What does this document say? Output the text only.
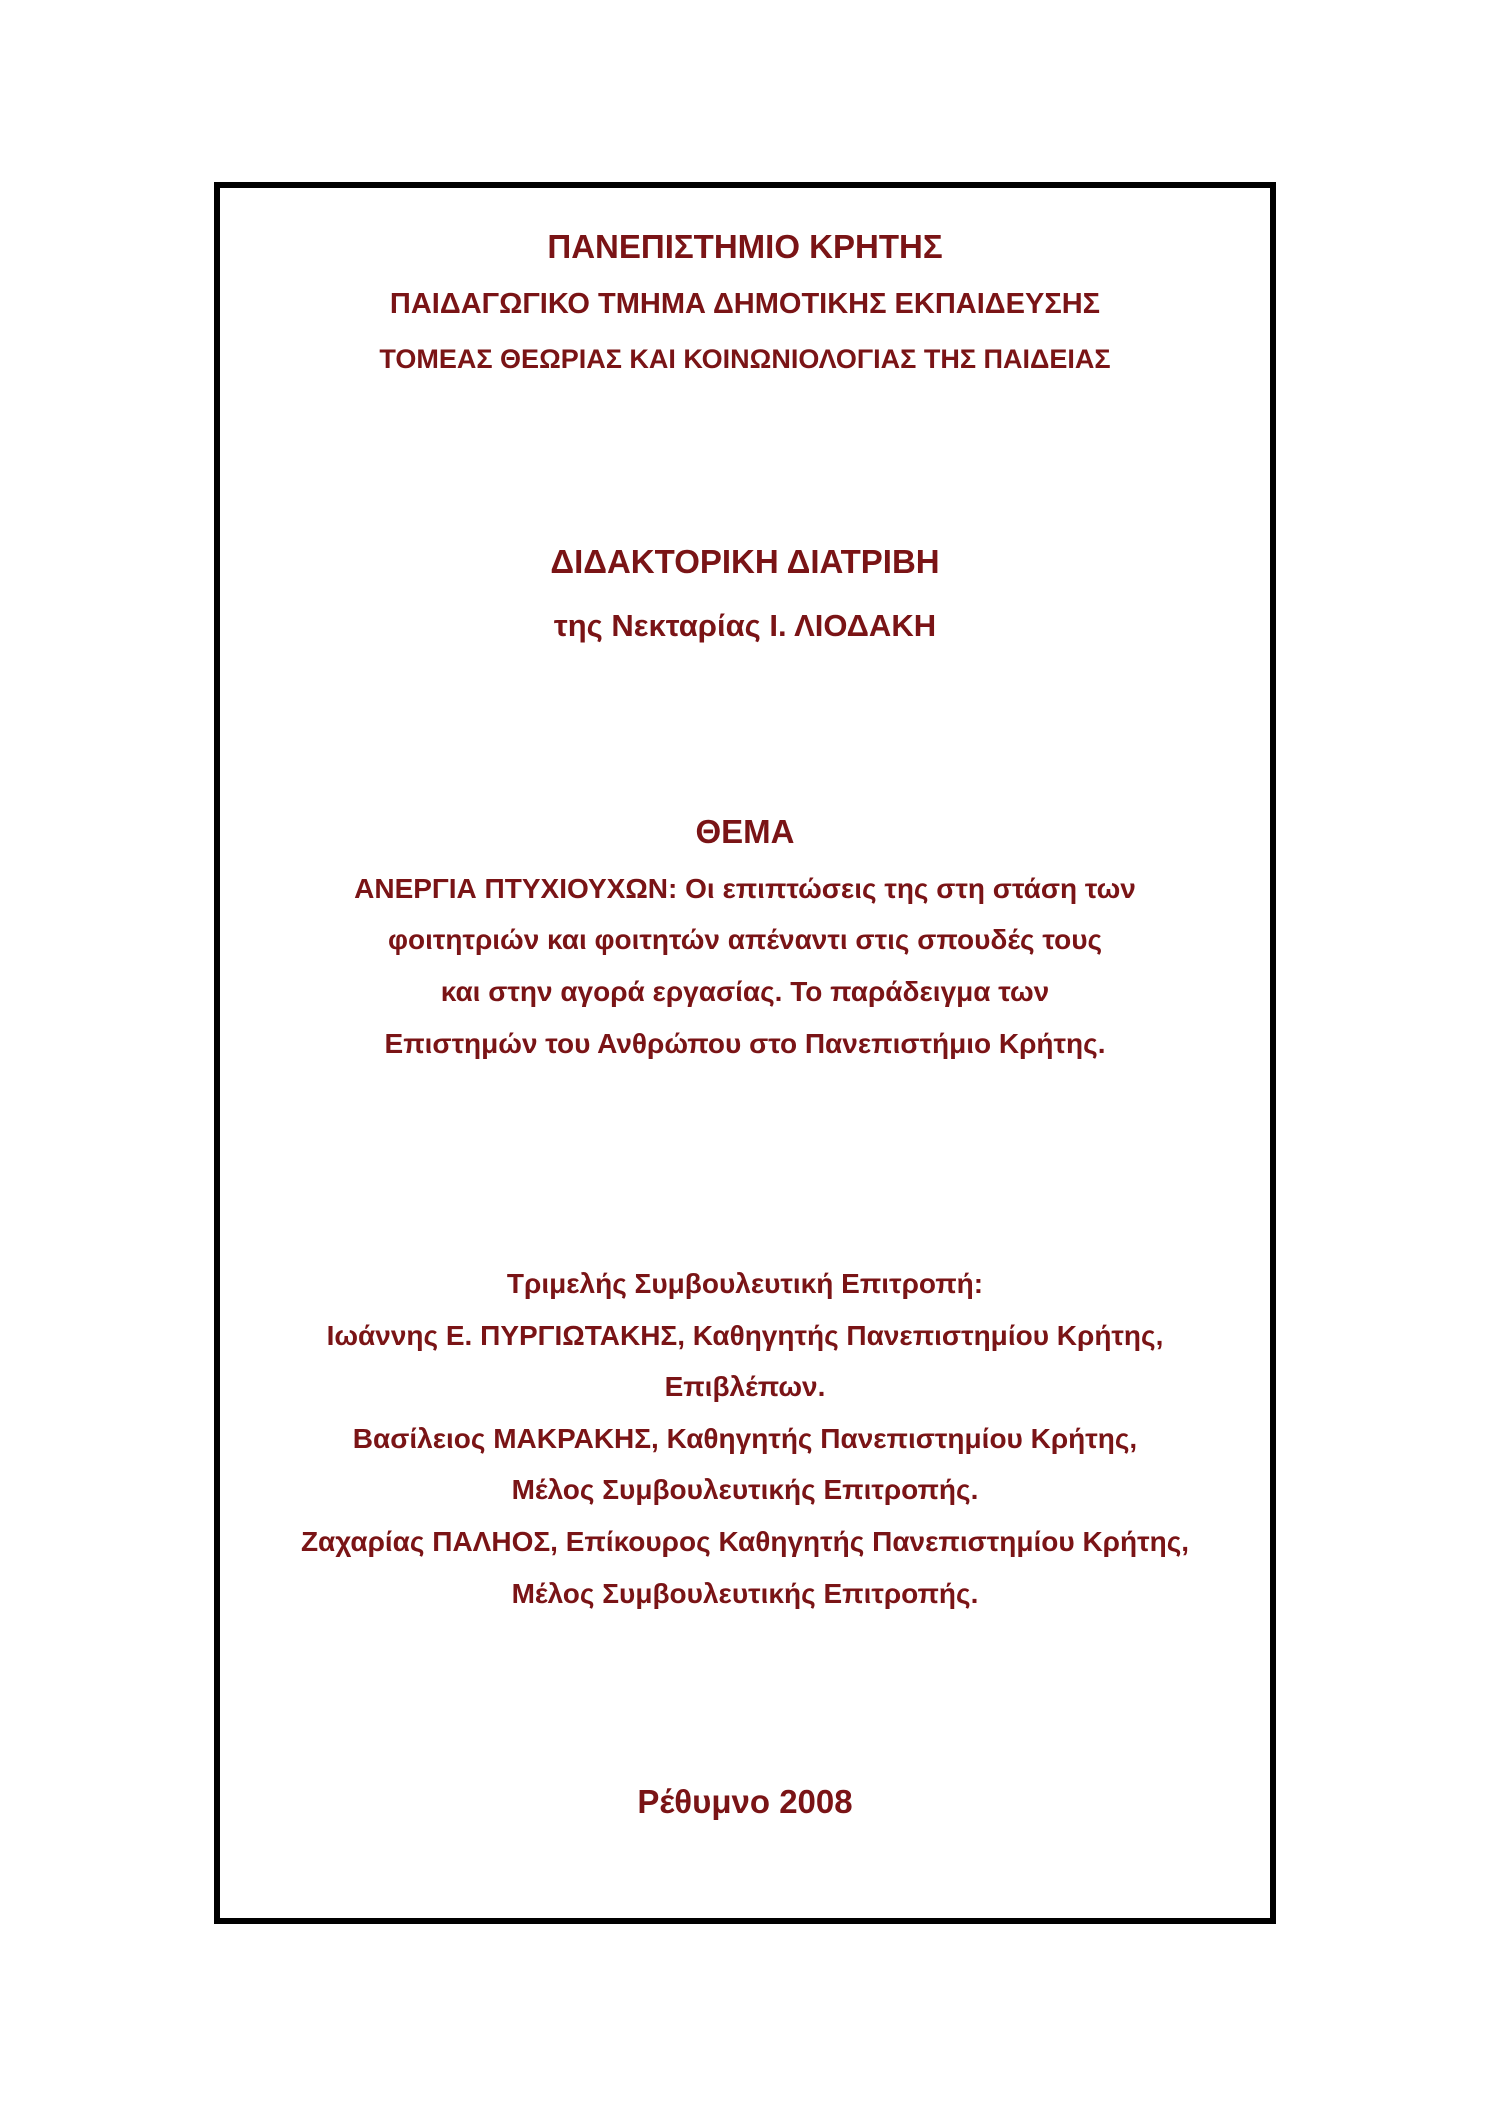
ΠΑΝΕΠΙΣΤΗΜΙΟ ΚΡΗΤΗΣ
ΠΑΙΔΑΓΩΓΙΚΟ ΤΜΗΜΑ ΔΗΜΟΤΙΚΗΣ ΕΚΠΑΙΔΕΥΣΗΣ
ΤΟΜΕΑΣ ΘΕΩΡΙΑΣ ΚΑΙ ΚΟΙΝΩΝΙΟΛΟΓΙΑΣ ΤΗΣ ΠΑΙΔΕΙΑΣ
ΔΙΔΑΚΤΟΡΙΚΗ ΔΙΑΤΡΙΒΗ
της Νεκταρίας Ι. ΛΙΟΔΑΚΗ
ΘΕΜΑ
ΑΝΕΡΓΙΑ ΠΤΥΧΙΟΥΧΩΝ: Οι επιπτώσεις της στη στάση των
φοιτητριών και φοιτητών απέναντι στις σπουδές τους
και στην αγορά εργασίας. Το παράδειγμα των
Επιστημών του Ανθρώπου στο Πανεπιστήμιο Κρήτης.
Τριμελής Συμβουλευτική Επιτροπή:
Ιωάννης Ε. ΠΥΡΓΙΩΤΑΚΗΣ, Καθηγητής Πανεπιστημίου Κρήτης,
Επιβλέπων.
Βασίλειος ΜΑΚΡΑΚΗΣ, Καθηγητής Πανεπιστημίου Κρήτης,
Μέλος Συμβουλευτικής Επιτροπής.
Ζαχαρίας ΠΑΛΗΟΣ, Επίκουρος Καθηγητής Πανεπιστημίου Κρήτης,
Μέλος Συμβουλευτικής Επιτροπής.
Ρέθυμνο 2008
